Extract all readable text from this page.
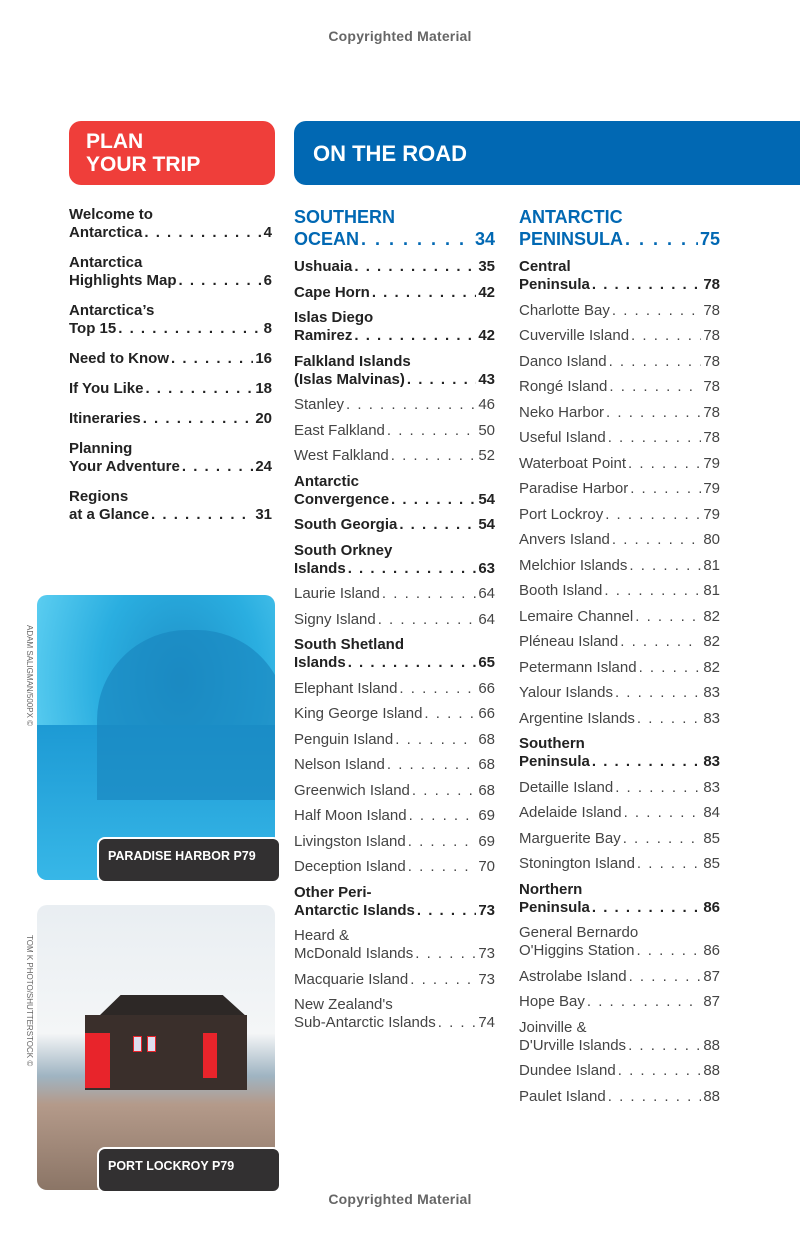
Copyrighted Material
Copyrighted Material
PLAN
YOUR TRIP	ON THE ROAD
Welcome to
Antarctica . . .	4
Antarctica
Highlights Map . . .	6
Antarctica’s
Top 15 . . .	8
Need to Know . . .	16
If You Like . . .	18
Itineraries . . .	20
Planning
Your Adventure . . .	24
Regions
at a Glance . . .	31
SOUTHERN
OCEAN . . .	34
Ushuaia . . .	35
Cape Horn . . .	42
Islas Diego
Ramirez . . .	42
Falkland Islands
(Islas Malvinas) . . .	43
Stanley . . .	46
East Falkland . . .	50
West Falkland . . .	52
Antarctic
Convergence . . .	54
South Georgia . . .	54
South Orkney
Islands . . .	63
Laurie Island . . .	64
Signy Island . . .	64
South Shetland
Islands . . .	65
Elephant Island . . .	66
King George Island . . .	66
Penguin Island . . .	68
Nelson Island . . .	68
Greenwich Island . . .	68
Half Moon Island . . .	69
Livingston Island . . .	69
Deception Island . . .	70
Other Peri-
Antarctic Islands . . .	73
Heard &
McDonald Islands . . .	73
Macquarie Island . . .	73
New Zealand's
Sub-Antarctic Islands . . .	74
ANTARCTIC
PENINSULA . . .	75
Central
Peninsula . . .	78
Charlotte Bay . . .	78
Cuverville Island . . .	78
Danco Island . . .	78
Rongé Island . . .	78
Neko Harbor . . .	78
Useful Island . . .	78
Waterboat Point . . .	79
Paradise Harbor . . .	79
Port Lockroy . . .	79
Anvers Island . . .	80
Melchior Islands . . .	81
Booth Island . . .	81
Lemaire Channel . . .	82
Pléneau Island . . .	82
Petermann Island . . .	82
Yalour Islands . . .	83
Argentine Islands . . .	83
Southern
Peninsula . . .	83
Detaille Island . . .	83
Adelaide Island . . .	84
Marguerite Bay . . .	85
Stonington Island . . .	85
Northern
Peninsula . . .	86
General Bernardo
O'Higgins Station . . .	86
Astrolabe Island . . .	87
Hope Bay . . .	87
Joinville &
D'Urville Islands . . .	88
Dundee Island . . .	88
Paulet Island . . .	88
ADAM SALIGMAN/500PX ©
PARADISE HARBOR P79
TOM K PHOTO/SHUTTERSTOCK ©
PORT LOCKROY P79
